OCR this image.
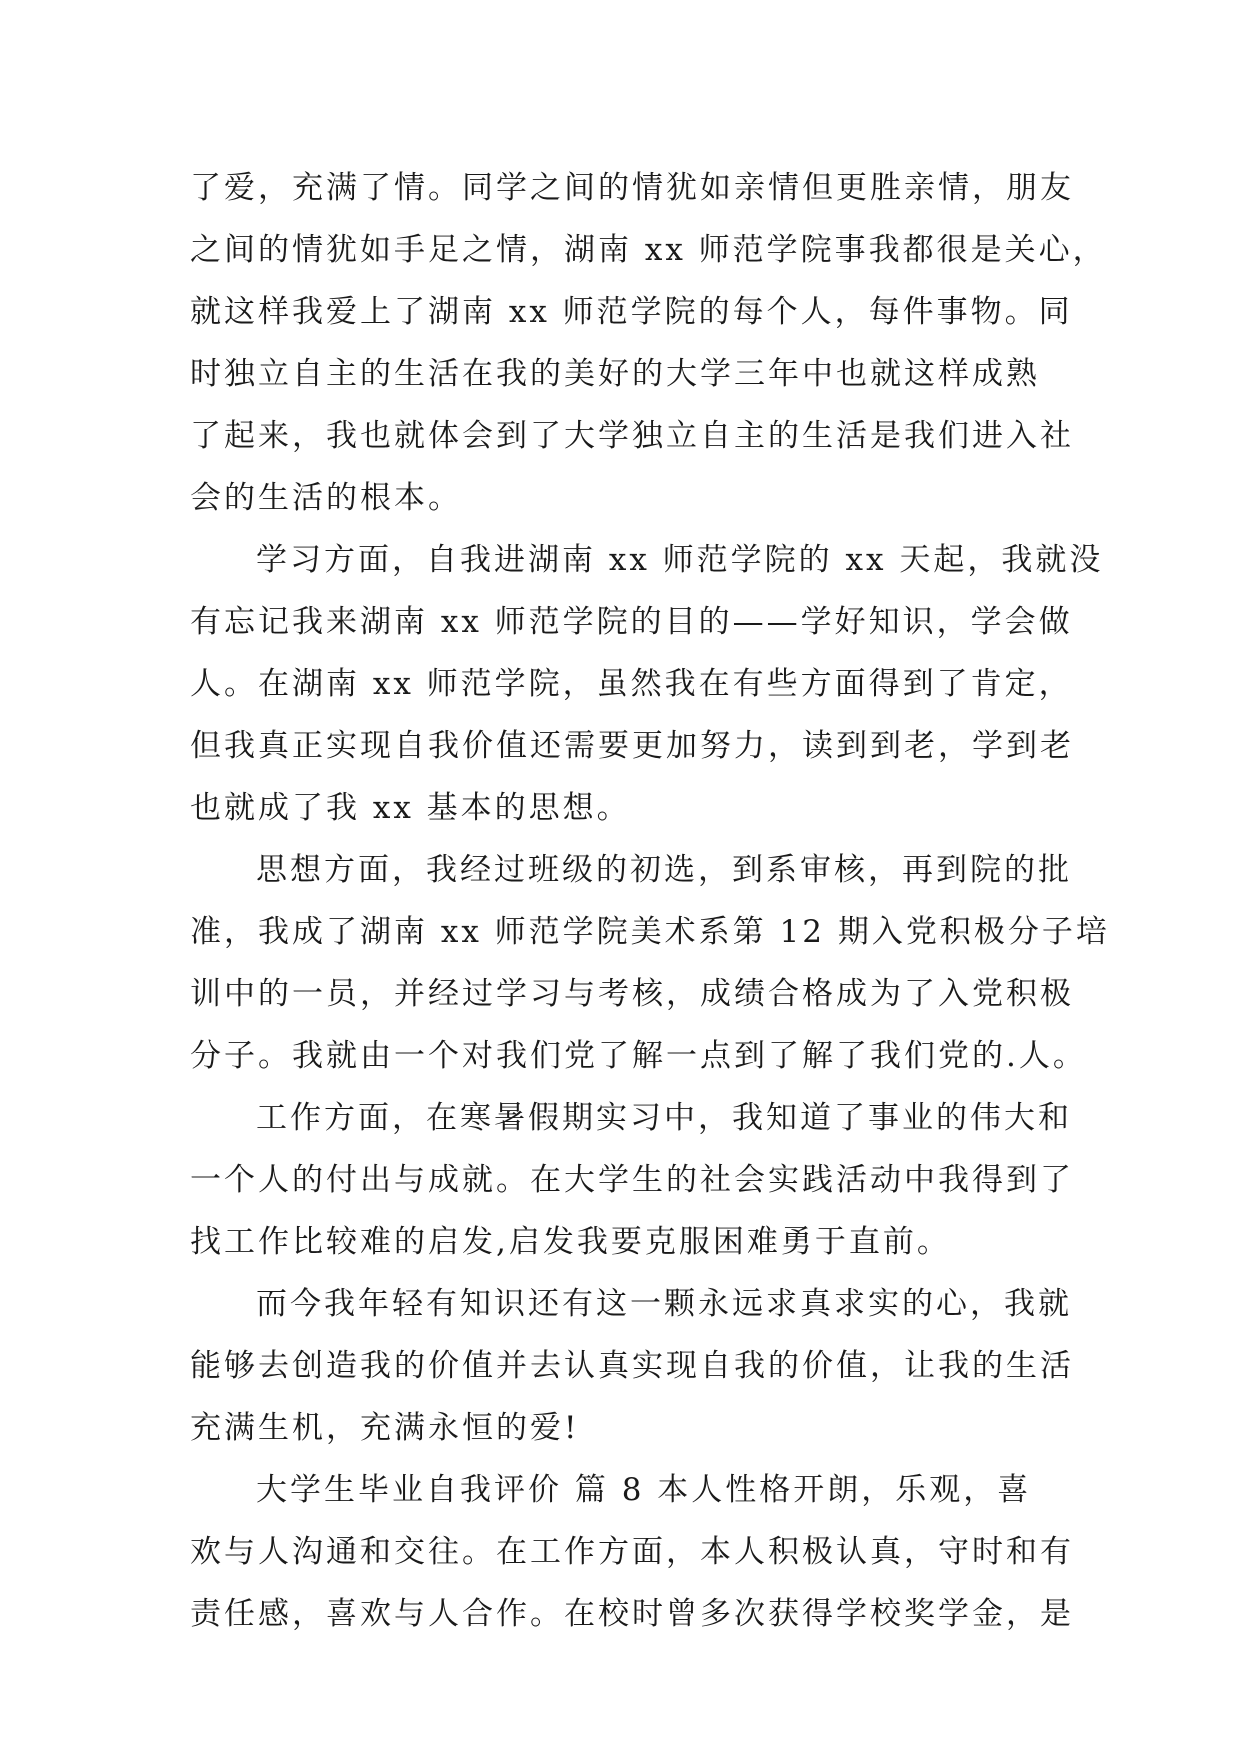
了爱，充满了情。同学之间的情犹如亲情但更胜亲情，朋友
之间的情犹如手足之情，湖南 xx 师范学院事我都很是关心，
就这样我爱上了湖南 xx 师范学院的每个人，每件事物。同
时独立自主的生活在我的美好的大学三年中也就这样成熟
了起来，我也就体会到了大学独立自主的生活是我们进入社
会的生活的根本。
学习方面，自我进湖南 xx 师范学院的 xx 天起，我就没
有忘记我来湖南 xx 师范学院的目的——学好知识，学会做
人。在湖南 xx 师范学院，虽然我在有些方面得到了肯定，
但我真正实现自我价值还需要更加努力，读到到老，学到老
也就成了我 xx 基本的思想。
思想方面，我经过班级的初选，到系审核，再到院的批
准，我成了湖南 xx 师范学院美术系第 12 期入党积极分子培
训中的一员，并经过学习与考核，成绩合格成为了入党积极
分子。我就由一个对我们党了解一点到了解了我们党的.人。
工作方面，在寒暑假期实习中，我知道了事业的伟大和
一个人的付出与成就。在大学生的社会实践活动中我得到了
找工作比较难的启发,启发我要克服困难勇于直前。
而今我年轻有知识还有这一颗永远求真求实的心，我就
能够去创造我的价值并去认真实现自我的价值，让我的生活
充满生机，充满永恒的爱!
大学生毕业自我评价 篇 8 本人性格开朗，乐观，喜
欢与人沟通和交往。在工作方面，本人积极认真，守时和有
责任感，喜欢与人合作。在校时曾多次获得学校奖学金，是
